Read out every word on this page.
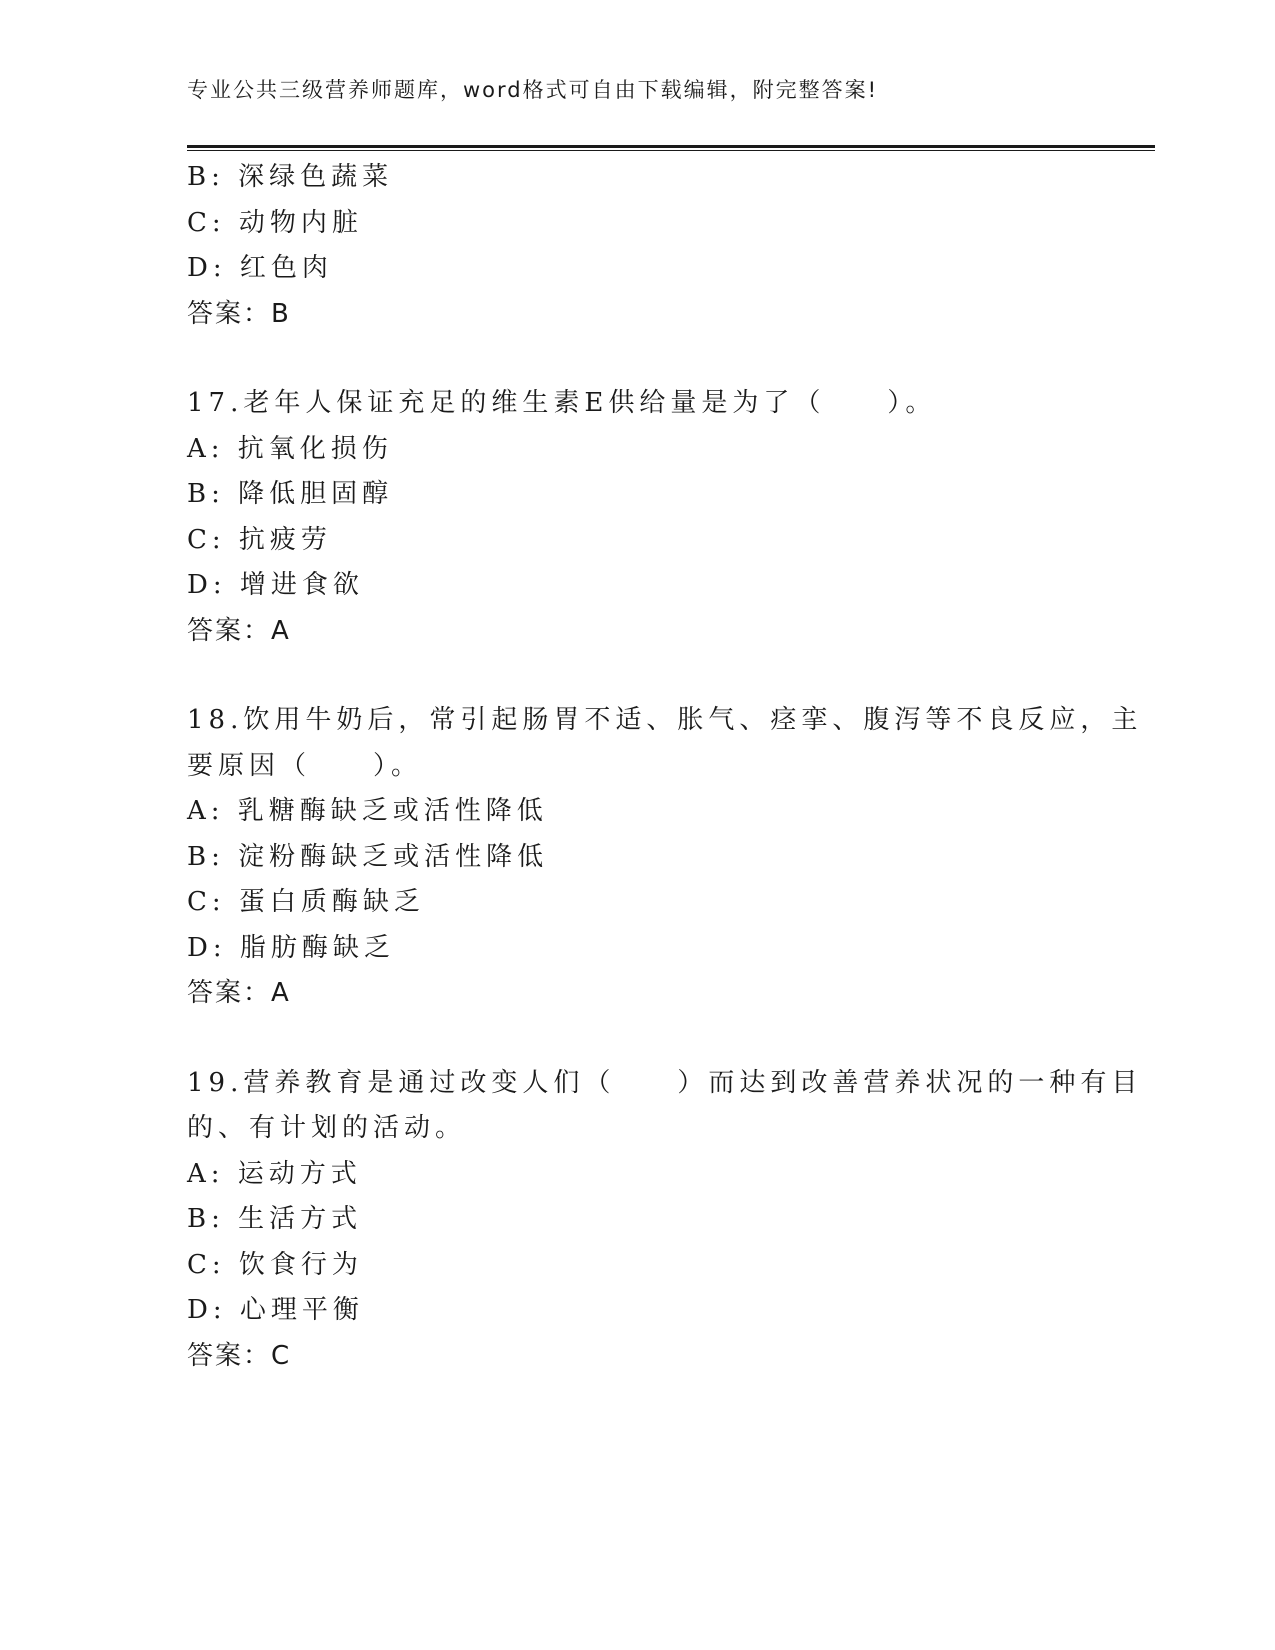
专业公共三级营养师题库，word格式可自由下载编辑，附完整答案!
B: 深绿色蔬菜
C: 动物内脏
D: 红色肉
答案：B
17.老年人保证充足的维生素E供给量是为了（　　）。
A: 抗氧化损伤
B: 降低胆固醇
C: 抗疲劳
D: 增进食欲
答案：A
18.饮用牛奶后，常引起肠胃不适、胀气、痉挛、腹泻等不良反应，主
要原因（　　）。
A: 乳糖酶缺乏或活性降低
B: 淀粉酶缺乏或活性降低
C: 蛋白质酶缺乏
D: 脂肪酶缺乏
答案：A
19.营养教育是通过改变人们（　　）而达到改善营养状况的一种有目
的、有计划的活动。
A: 运动方式
B: 生活方式
C: 饮食行为
D: 心理平衡
答案：C
